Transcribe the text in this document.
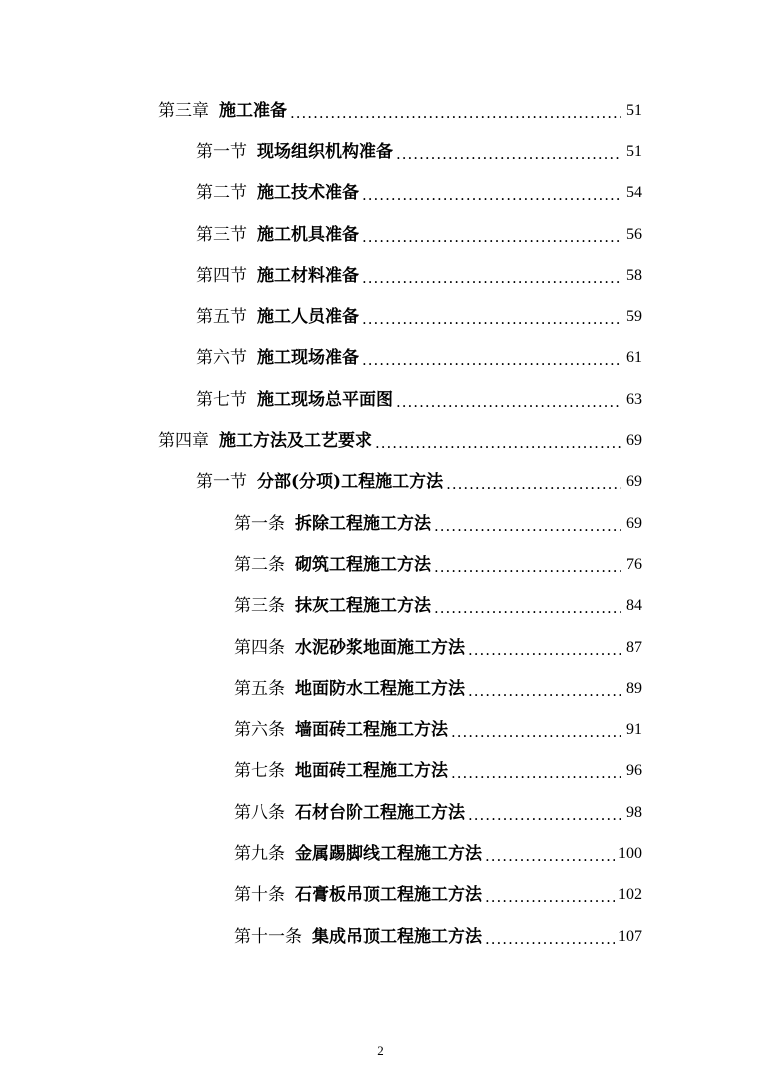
第三章 施工准备 .....	51
第一节 现场组织机构准备 .....	51
第二节 施工技术准备 .....	54
第三节 施工机具准备 .....	56
第四节 施工材料准备 .....	58
第五节 施工人员准备 .....	59
第六节 施工现场准备 .....	61
第七节 施工现场总平面图 .....	63
第四章 施工方法及工艺要求 .....	69
第一节 分部(分项)工程施工方法 .....	69
第一条 拆除工程施工方法 .....	69
第二条 砌筑工程施工方法 .....	76
第三条 抹灰工程施工方法 .....	84
第四条 水泥砂浆地面施工方法 .....	87
第五条 地面防水工程施工方法 .....	89
第六条 墙面砖工程施工方法 .....	91
第七条 地面砖工程施工方法 .....	96
第八条 石材台阶工程施工方法 .....	98
第九条 金属踢脚线工程施工方法 .....	100
第十条 石膏板吊顶工程施工方法 .....	102
第十一条 集成吊顶工程施工方法 .....	107
2
